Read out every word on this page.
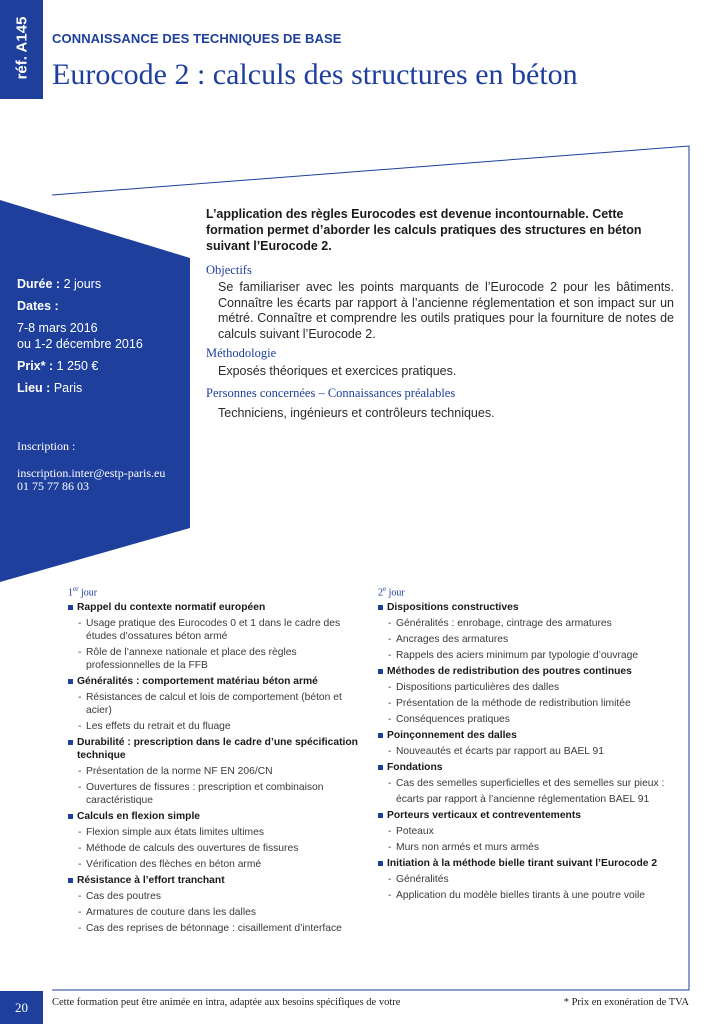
réf. A145 CONNAISSANCE DES TECHNIQUES DE BASE
Eurocode 2 : calculs des structures en béton
Durée : 2 jours
Dates :
7-8 mars 2016
ou 1-2 décembre 2016
Prix* : 1 250 €
Lieu : Paris
Inscription :
inscription.inter@estp-paris.eu
01 75 77 86 03
L’application des règles Eurocodes est devenue incontournable. Cette formation permet d’aborder les calculs pratiques des structures en béton suivant l’Eurocode 2.
Objectifs
Se familiariser avec les points marquants de l’Eurocode 2 pour les bâtiments. Connaître les écarts par rapport à l’ancienne réglementation et son impact sur un métré. Connaître et comprendre les outils pratiques pour la fourniture de notes de calculs suivant l’Eurocode 2.
Méthodologie
Exposés théoriques et exercices pratiques.
Personnes concernées – Connaissances préalables
Techniciens, ingénieurs et contrôleurs techniques.
1er jour
Rappel du contexte normatif européen
- Usage pratique des Eurocodes 0 et 1 dans le cadre des études d’ossatures béton armé
- Rôle de l’annexe nationale et place des règles professionnelles de la FFB
Généralités : comportement matériau béton armé
- Résistances de calcul et lois de comportement (béton et acier)
- Les effets du retrait et du fluage
Durabilité : prescription dans le cadre d’une spécification technique
- Présentation de la norme NF EN 206/CN
- Ouvertures de fissures : prescription et combinaison caractéristique
Calculs en flexion simple
- Flexion simple aux états limites ultimes
- Méthode de calculs des ouvertures de fissures
- Vérification des flèches en béton armé
Résistance à l’effort tranchant
- Cas des poutres
- Armatures de couture dans les dalles
- Cas des reprises de bétonnage : cisaillement d’interface
2e jour
Dispositions constructives
- Généralités : enrobage, cintrage des armatures
- Ancrages des armatures
- Rappels des aciers minimum par typologie d’ouvrage
Méthodes de redistribution des poutres continues
- Dispositions particulières des dalles
- Présentation de la méthode de redistribution limitée
- Conséquences pratiques
Poinçonnement des dalles
- Nouveautés et écarts par rapport au BAEL 91
Fondations
- Cas des semelles superficielles et des semelles sur pieux :
écarts par rapport à l’ancienne réglementation BAEL 91
Porteurs verticaux et contreventements
- Poteaux
- Murs non armés et murs armés
Initiation à la méthode bielle tirant suivant l’Eurocode 2
- Généralités
- Application du modèle bielles tirants à une poutre voile
20	Cette formation peut être animée en intra, adaptée aux besoins spécifiques de votre	* Prix en exonération de TVA
